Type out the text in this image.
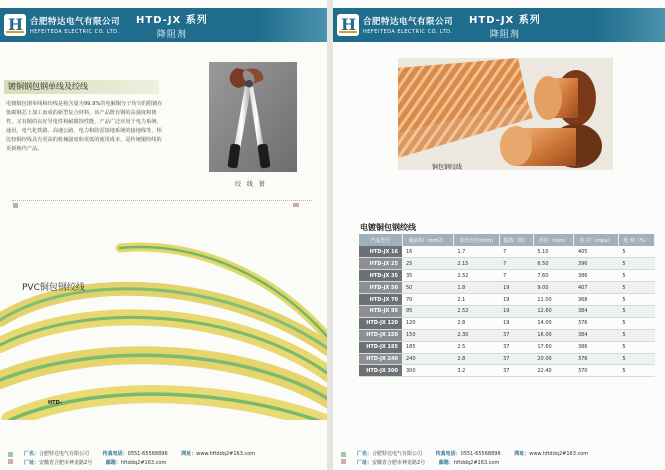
H
合肥特达电气有限公司
HEFEITEDA ELECTRIC CO. LTD.
HTD-JX 系列
降阻剂
镀铜钢包钢单线及绞线
电镀铜包钢单线和绞线是将含量为99.9%的电解铜分子均匀的附镀在低碳钢芯上加工而成的新型复合材料，该产品既有钢的高强度和韧性，又有铜的良好导电性和耐腐蚀性能，产品广泛应用于电力系统、通讯、电气化铁路、高速公路、电力和防雷接地系统的接地线等，相比较铜绞线具有更高的机械强度和更低的使用成本，是传统铜绞线的更新换代产品。
绞 线 钳
PVC铜包钢绞线
HTD-
厂名：合肥特达电气有限公司	传真电话：0551-65568896	网址：www.hftddq2#163.com
厂址：安徽省合肥市神龙路2号	邮箱：hftddq2#163.com
H
合肥特达电气有限公司
HEFEITEDA ELECTRIC CO. LTD.
HTD-JX 系列
降阻剂
铜包钢绞线
电镀铜包钢绞线
产品型号	截面积（mm2）	单丝直径(mm)	股数（根）	外径（mm）	抗 拉（mpa）	延 伸（%）
HTD-JX 16	16	1.7	7	5.10	405	5
HTD-JX 25	25	2.15	7	6.50	396	5
HTD-JX 35	35	2.52	7	7.60	386	5
HTD-JX 50	50	1.8	19	9.00	407	5
HTD-JX 70	70	2.1	19	11.00	368	5
HTD-JX 95	95	2.52	19	12.60	384	5
HTD-JX 120	120	2.8	19	14.00	376	5
HTD-JX 150	150	2.30	37	16.00	384	5
HTD-JX 185	185	2.5	37	17.60	386	5
HTD-JX 240	240	2.8	37	20.00	376	5
HTD-JX 300	300	3.2	37	22.40	370	5
厂名：合肥特达电气有限公司	传真电话：0551-65568896	网址：www.hftddq2#163.com
厂址：安徽省合肥市神龙路2号	邮箱：hftddq2#163.com
